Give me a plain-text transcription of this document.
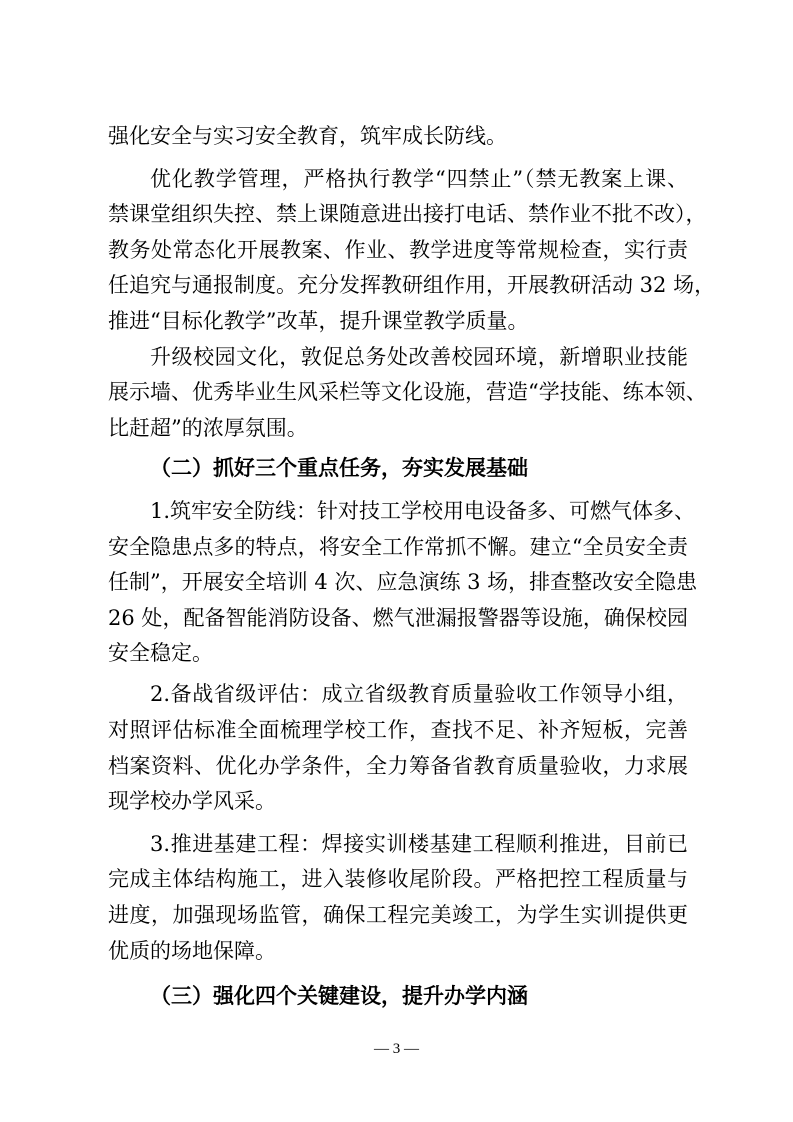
强化安全与实习安全教育，筑牢成长防线。
优化教学管理，严格执行教学“四禁止”（禁无教案上课、
禁课堂组织失控、禁上课随意进出接打电话、禁作业不批不改），
教务处常态化开展教案、作业、教学进度等常规检查，实行责
任追究与通报制度。充分发挥教研组作用，开展教研活动 32 场，
推进“目标化教学”改革，提升课堂教学质量。
升级校园文化，敦促总务处改善校园环境，新增职业技能
展示墙、优秀毕业生风采栏等文化设施，营造“学技能、练本领、
比赶超”的浓厚氛围。
（二）抓好三个重点任务，夯实发展基础
1.筑牢安全防线：针对技工学校用电设备多、可燃气体多、
安全隐患点多的特点，将安全工作常抓不懈。建立“全员安全责
任制”，开展安全培训 4 次、应急演练 3 场，排查整改安全隐患
26 处，配备智能消防设备、燃气泄漏报警器等设施，确保校园
安全稳定。
2.备战省级评估：成立省级教育质量验收工作领导小组，
对照评估标准全面梳理学校工作，查找不足、补齐短板，完善
档案资料、优化办学条件，全力筹备省教育质量验收，力求展
现学校办学风采。
3.推进基建工程：焊接实训楼基建工程顺利推进，目前已
完成主体结构施工，进入装修收尾阶段。严格把控工程质量与
进度，加强现场监管，确保工程完美竣工，为学生实训提供更
优质的场地保障。
（三）强化四个关键建设，提升办学内涵
— 3 —
